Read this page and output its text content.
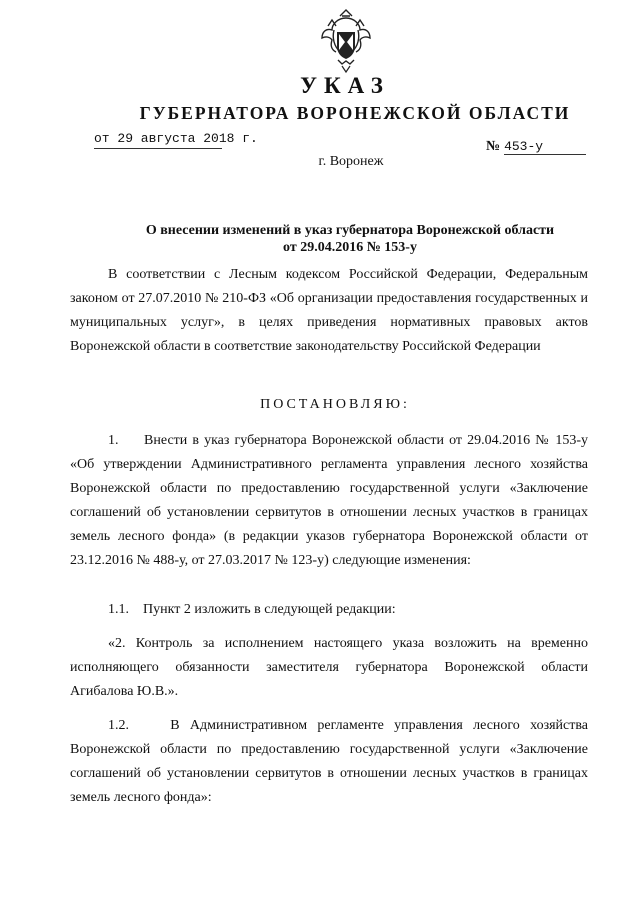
УКАЗ
ГУБЕРНАТОРА ВОРОНЕЖСКОЙ ОБЛАСТИ
от 29 августа 2018 г.
№ 453-у
г. Воронеж
О внесении изменений в указ губернатора Воронежской области
от 29.04.2016 № 153-у
В соответствии с Лесным кодексом Российской Федерации, Федеральным законом от 27.07.2010 № 210-ФЗ «Об организации предоставления государственных и муниципальных услуг», в целях приведения нормативных правовых актов Воронежской области в соответствие законодательству Российской Федерации
ПОСТАНОВЛЯЮ:
1. Внести в указ губернатора Воронежской области от 29.04.2016 № 153-у «Об утверждении Административного регламента управления лесного хозяйства Воронежской области по предоставлению государственной услуги «Заключение соглашений об установлении сервитутов в отношении лесных участков в границах земель лесного фонда» (в редакции указов губернатора Воронежской области от 23.12.2016 № 488-у, от 27.03.2017 № 123-у) следующие изменения:
1.1. Пункт 2 изложить в следующей редакции:
«2. Контроль за исполнением настоящего указа возложить на временно исполняющего обязанности заместителя губернатора Воронежской области Агибалова Ю.В.».
1.2.	В Административном регламенте управления лесного хозяйства Воронежской области по предоставлению государственной услуги «Заключение соглашений об установлении сервитутов в отношении лесных участков в границах земель лесного фонда»:
